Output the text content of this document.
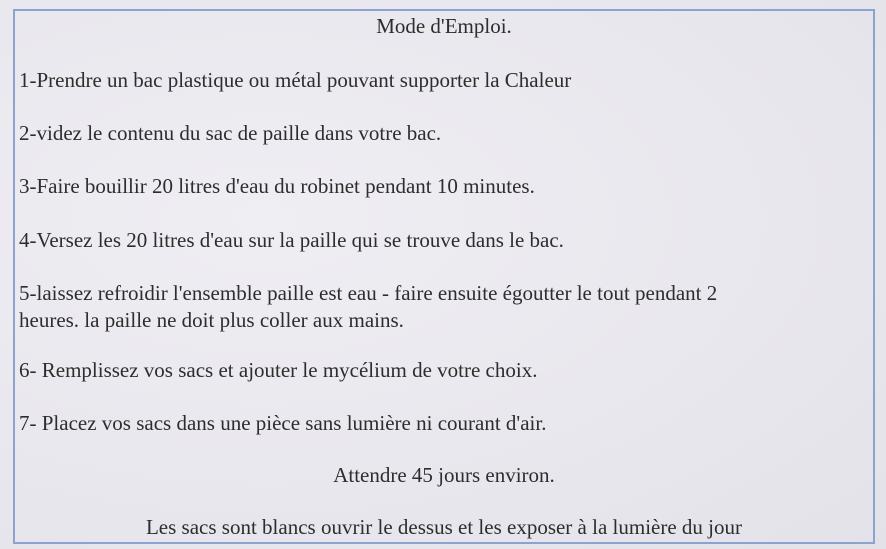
Mode d'Emploi.

1-Prendre un bac plastique ou métal pouvant supporter la Chaleur

2-videz le contenu du sac de paille dans votre bac.

3-Faire bouillir 20 litres d'eau du robinet pendant 10 minutes.

4-Versez les 20 litres d'eau sur la paille qui se trouve dans le bac.

5-laissez refroidir l'ensemble paille est eau - faire ensuite égoutter le tout pendant 2

heures. la paille ne doit plus coller aux mains.

6- Remplissez vos sacs et ajouter le mycélium de votre choix.

7- Placez vos sacs dans une pièce sans lumière ni courant d'air.

Attendre 45 jours environ.

Les sacs sont blancs ouvrir le dessus et les exposer à la lumière du jour
